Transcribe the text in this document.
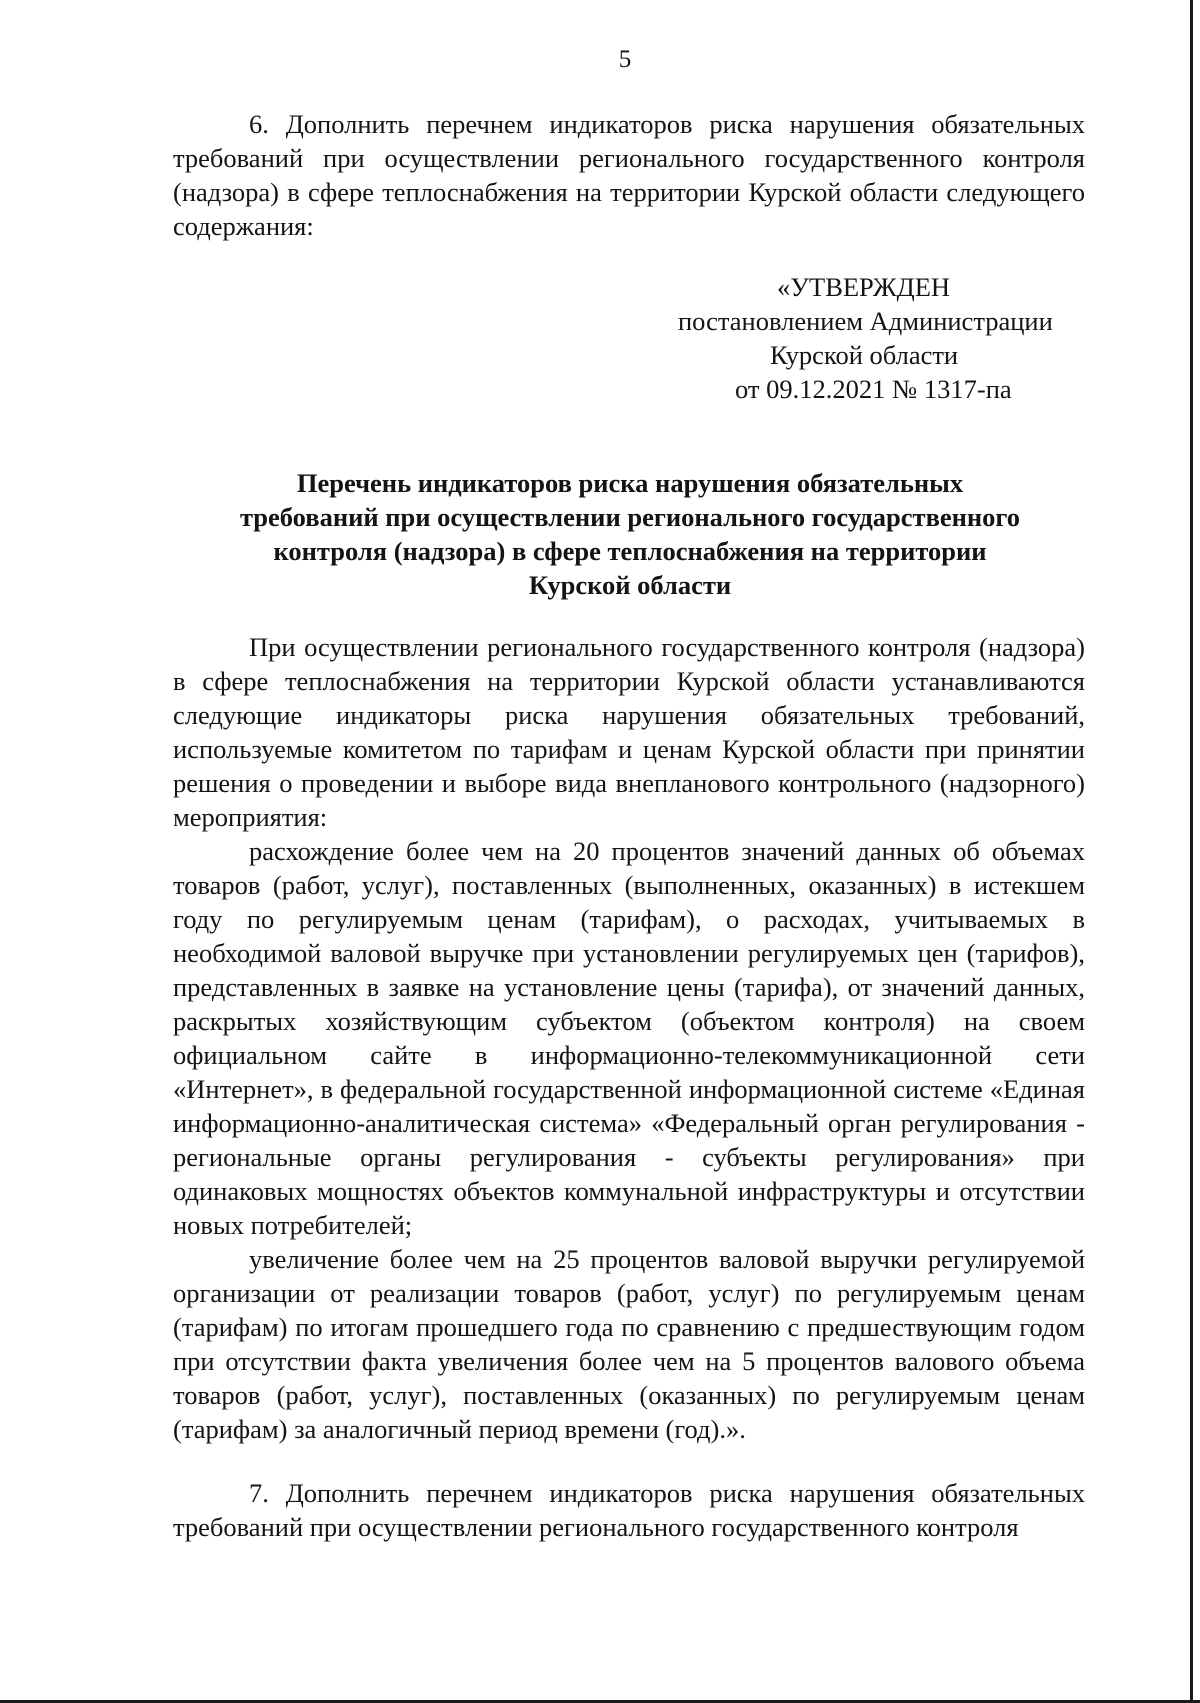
5

6. Дополнить перечнем индикаторов риска нарушения обязательных требований при осуществлении регионального государственного контроля (надзора) в сфере теплоснабжения на территории Курской области следующего содержания:

«УТВЕРЖДЕН
постановлением Администрации
Курской области
от 09.12.2021 № 1317-па
Перечень индикаторов риска нарушения обязательных
требований при осуществлении регионального государственного
контроля (надзора) в сфере теплоснабжения на территории
Курской области

При осуществлении регионального государственного контроля (надзора) в сфере теплоснабжения на территории Курской области устанавливаются следующие индикаторы риска нарушения обязательных требований, используемые комитетом по тарифам и ценам Курской области при принятии решения о проведении и выборе вида внепланового контрольного (надзорного) мероприятия:

расхождение более чем на 20 процентов значений данных об объемах товаров (работ, услуг), поставленных (выполненных, оказанных) в истекшем году по регулируемым ценам (тарифам), о расходах, учитываемых в необходимой валовой выручке при установлении регулируемых цен (тарифов), представленных в заявке на установление цены (тарифа), от значений данных, раскрытых хозяйствующим субъектом (объектом контроля) на своем официальном сайте в информационно-телекоммуникационной сети «Интернет», в федеральной государственной информационной системе «Единая информационно-аналитическая система» «Федеральный орган регулирования - региональные органы регулирования - субъекты регулирования» при одинаковых мощностях объектов коммунальной инфраструктуры и отсутствии новых потребителей;

увеличение более чем на 25 процентов валовой выручки регулируемой организации от реализации товаров (работ, услуг) по регулируемым ценам (тарифам) по итогам прошедшего года по сравнению с предшествующим годом при отсутствии факта увеличения более чем на 5 процентов валового объема товаров (работ, услуг), поставленных (оказанных) по регулируемым ценам (тарифам) за аналогичный период времени (год).».

7. Дополнить перечнем индикаторов риска нарушения обязательных требований при осуществлении регионального государственного контроля
